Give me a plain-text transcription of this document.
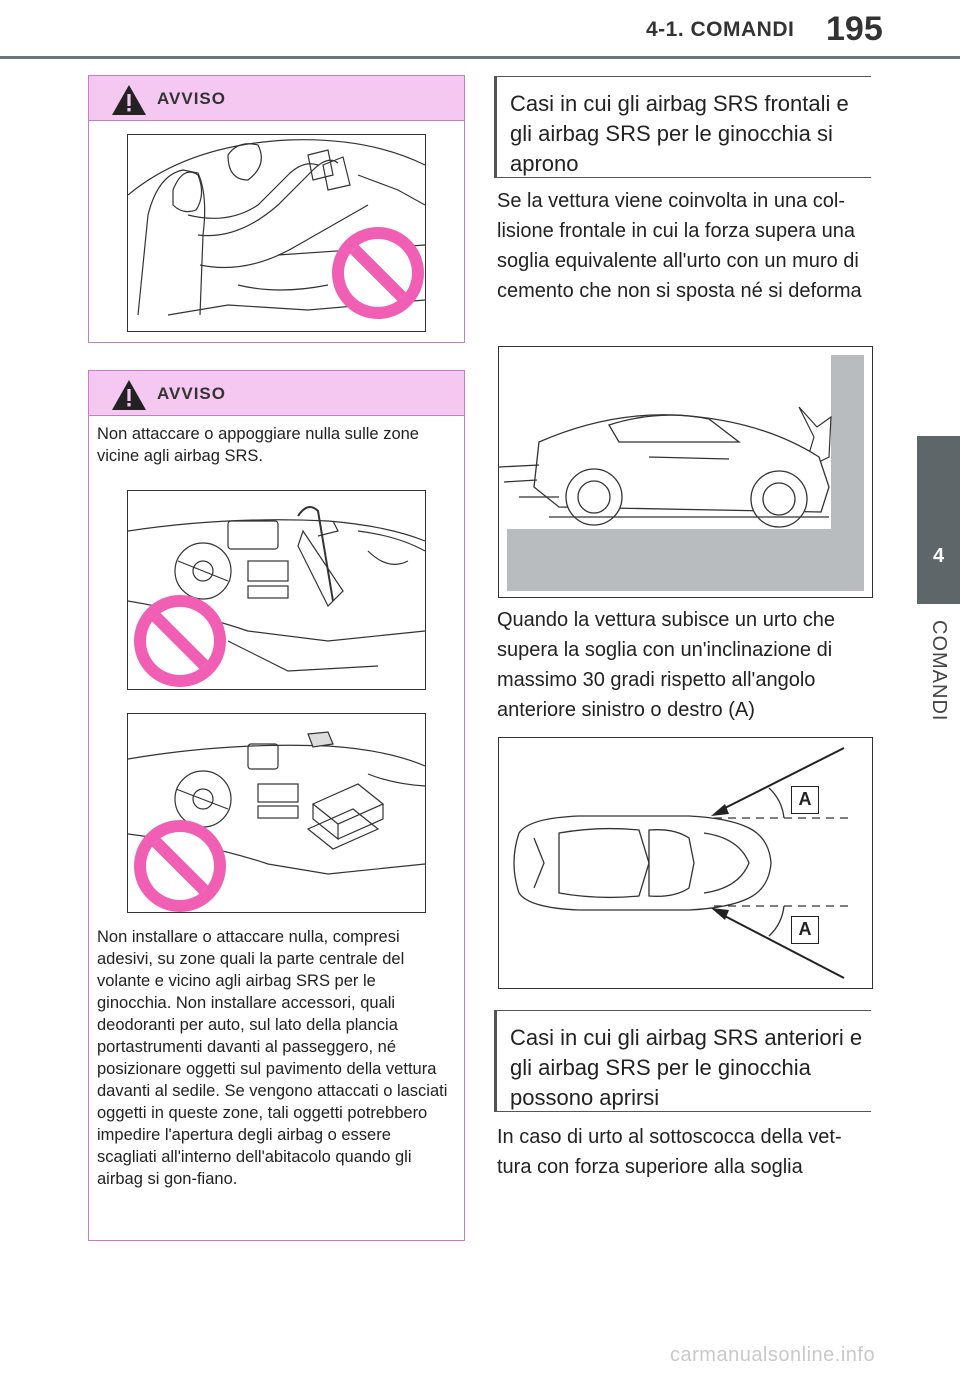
4-1. COMANDI 195
4
COMANDI
AVVISO
AVVISO
Non attaccare o appoggiare nulla sulle zone vicine agli airbag SRS.
Non installare o attaccare nulla, compresi adesivi, su zone quali la parte centrale del volante e vicino agli airbag SRS per le ginocchia. Non installare accessori, quali deodoranti per auto, sul lato della plancia portastrumenti davanti al passeggero, né posizionare oggetti sul pavimento della vettura davanti al sedile. Se vengono attaccati o lasciati oggetti in queste zone, tali oggetti potrebbero impedire l'apertura degli airbag o essere scagliati all'interno dell'abitacolo quando gli airbag si gon-fiano.
Casi in cui gli airbag SRS frontali e gli airbag SRS per le ginocchia si aprono
Se la vettura viene coinvolta in una col-lisione frontale in cui la forza supera una soglia equivalente all'urto con un muro di cemento che non si sposta né si deforma
Quando la vettura subisce un urto che supera la soglia con un'inclinazione di massimo 30 gradi rispetto all'angolo anteriore sinistro o destro (A)
A
A
Casi in cui gli airbag SRS anteriori e gli airbag SRS per le ginocchia possono aprirsi
In caso di urto al sottoscocca della vet-tura con forza superiore alla soglia
carmanualsonline.info
